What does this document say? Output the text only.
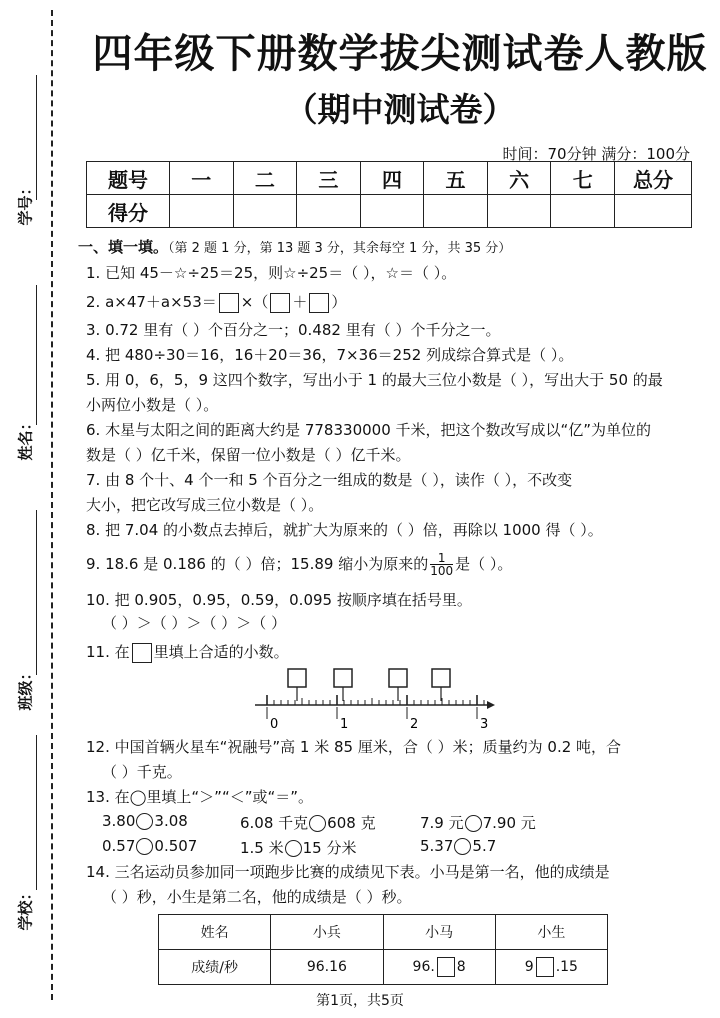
学号：
姓名：
班级：
学校：
四年级下册数学拔尖测试卷人教版
（期中测试卷）
时间：70分钟 满分：100分
题号	一	二	三	四	五	六	七	总分
得分								
一、填一填。（第 2 题 1 分，第 13 题 3 分，其余每空 1 分，共 35 分）
1. 已知 45－☆÷25＝25，则☆÷25＝（ ），☆＝（ ）。
2. a×47＋a×53＝ ×（ ＋ ）
3. 0.72 里有（ ）个百分之一；0.482 里有（ ）个千分之一。
4. 把 480÷30＝16，16＋20＝36，7×36＝252 列成综合算式是（ ）。
5. 用 0，6，5，9 这四个数字，写出小于 1 的最大三位小数是（ ），写出大于 50 的最
小两位小数是（ ）。
6. 木星与太阳之间的距离大约是 778330000 千米，把这个数改写成以“亿”为单位的
数是（ ）亿千米，保留一位小数是（ ）亿千米。
7. 由 8 个十、4 个一和 5 个百分之一组成的数是（ ），读作（ ），不改变
大小，把它改写成三位小数是（ ）。
8. 把 7.04 的小数点去掉后，就扩大为原来的（ ）倍，再除以 1000 得（ ）。
9. 18.6 是 0.186 的（ ）倍；15.89 缩小为原来的 $\frac{1}{100}$ 是（ ）。
10. 把 0.905，0.95，0.59，0.095 按顺序填在括号里。
（ ）＞（ ）＞（ ）＞（ ）
11. 在 里填上合适的小数。
0	1	2	3
12. 中国首辆火星车“祝融号”高 1 米 85 厘米，合（ ）米；质量约为 0.2 吨，合
（ ）千克。
13. 在◯里填上“＞”“＜”或“＝”。
3.80 3.08	6.08 千克 608 克	7.9 元 7.90 元
0.57 0.507	1.5 米 15 分米	5.37 5.7
14. 三名运动员参加同一项跑步比赛的成绩见下表。小马是第一名，他的成绩是
（ ）秒，小生是第二名，他的成绩是（ ）秒。
姓名	小兵	小马	小生
成绩/秒	96.16	96. 8	9 .15
第1页，共5页
